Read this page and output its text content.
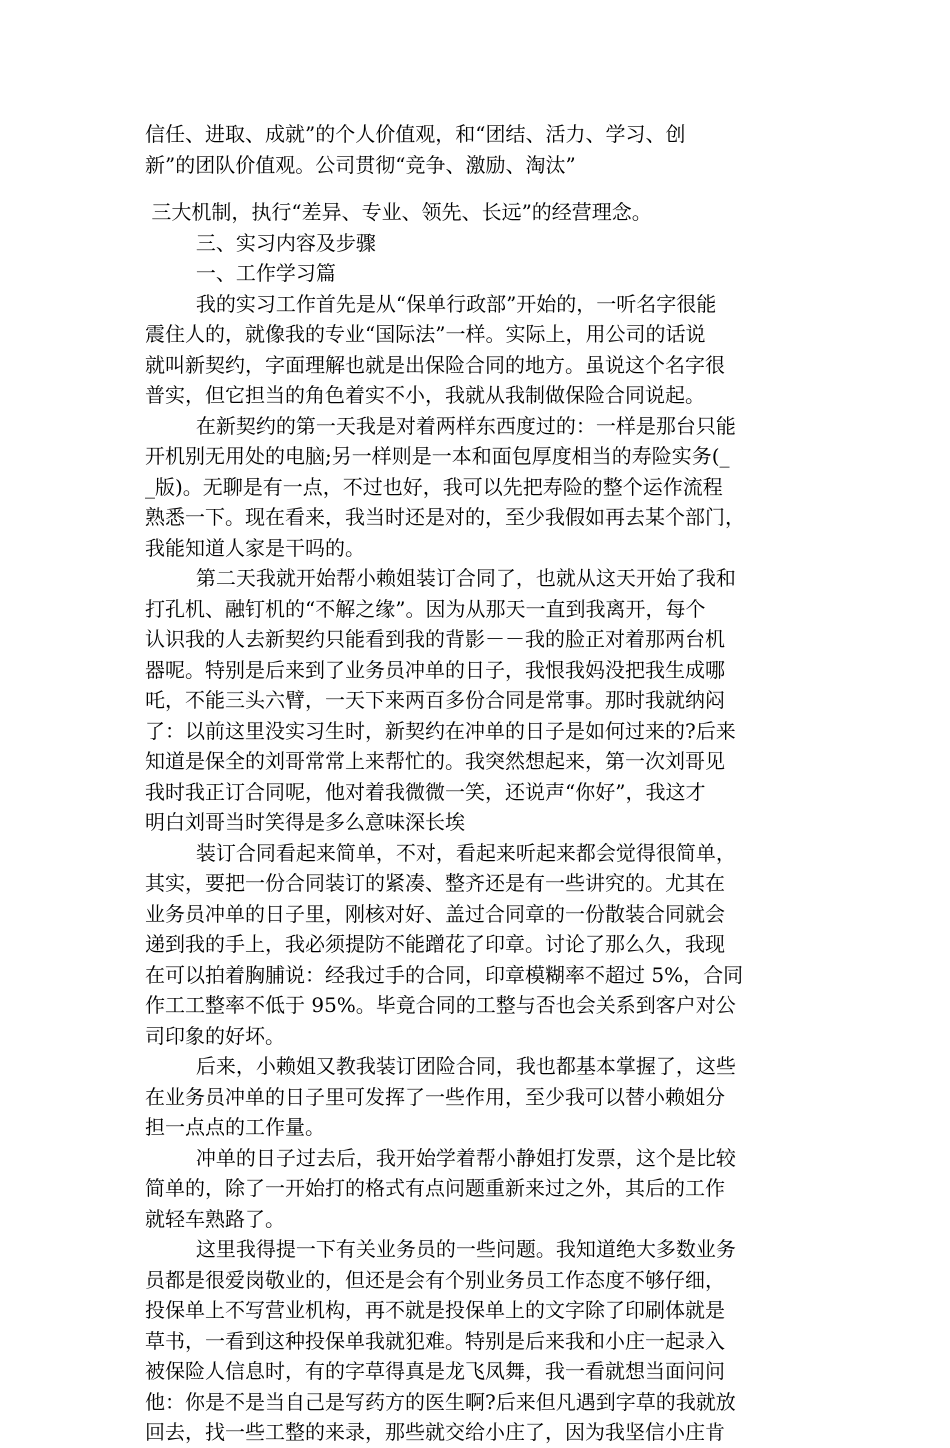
信任、进取、成就”的个人价值观，和“团结、活力、学习、创
新”的团队价值观。公司贯彻“竞争、激励、淘汰”
三大机制，执行“差异、专业、领先、长远”的经营理念。
三、实习内容及步骤
一、工作学习篇
我的实习工作首先是从“保单行政部”开始的，一听名字很能
震住人的，就像我的专业“国际法”一样。实际上，用公司的话说
就叫新契约，字面理解也就是出保险合同的地方。虽说这个名字很
普实，但它担当的角色着实不小，我就从我制做保险合同说起。
在新契约的第一天我是对着两样东西度过的：一样是那台只能
开机别无用处的电脑;另一样则是一本和面包厚度相当的寿险实务(_
_版)。无聊是有一点，不过也好，我可以先把寿险的整个运作流程
熟悉一下。现在看来，我当时还是对的，至少我假如再去某个部门，
我能知道人家是干吗的。
第二天我就开始帮小赖姐装订合同了，也就从这天开始了我和
打孔机、融钉机的“不解之缘”。因为从那天一直到我离开，每个
认识我的人去新契约只能看到我的背影－－我的脸正对着那两台机
器呢。特别是后来到了业务员冲单的日子，我恨我妈没把我生成哪
吒，不能三头六臂，一天下来两百多份合同是常事。那时我就纳闷
了：以前这里没实习生时，新契约在冲单的日子是如何过来的?后来
知道是保全的刘哥常常上来帮忙的。我突然想起来，第一次刘哥见
我时我正订合同呢，他对着我微微一笑，还说声“你好”，我这才
明白刘哥当时笑得是多么意味深长埃
装订合同看起来简单，不对，看起来听起来都会觉得很简单，
其实，要把一份合同装订的紧凑、整齐还是有一些讲究的。尤其在
业务员冲单的日子里，刚核对好、盖过合同章的一份散装合同就会
递到我的手上，我必须提防不能蹭花了印章。讨论了那么久，我现
在可以拍着胸脯说：经我过手的合同，印章模糊率不超过 5%，合同
作工工整率不低于 95%。毕竟合同的工整与否也会关系到客户对公
司印象的好坏。
后来，小赖姐又教我装订团险合同，我也都基本掌握了，这些
在业务员冲单的日子里可发挥了一些作用，至少我可以替小赖姐分
担一点点的工作量。
冲单的日子过去后，我开始学着帮小静姐打发票，这个是比较
简单的，除了一开始打的格式有点问题重新来过之外，其后的工作
就轻车熟路了。
这里我得提一下有关业务员的一些问题。我知道绝大多数业务
员都是很爱岗敬业的，但还是会有个别业务员工作态度不够仔细，
投保单上不写营业机构，再不就是投保单上的文字除了印刷体就是
草书，一看到这种投保单我就犯难。特别是后来我和小庄一起录入
被保险人信息时，有的字草得真是龙飞凤舞，我一看就想当面问问
他：你是不是当自己是写药方的医生啊?后来但凡遇到字草的我就放
回去，找一些工整的来录，那些就交给小庄了，因为我坚信小庄肯
